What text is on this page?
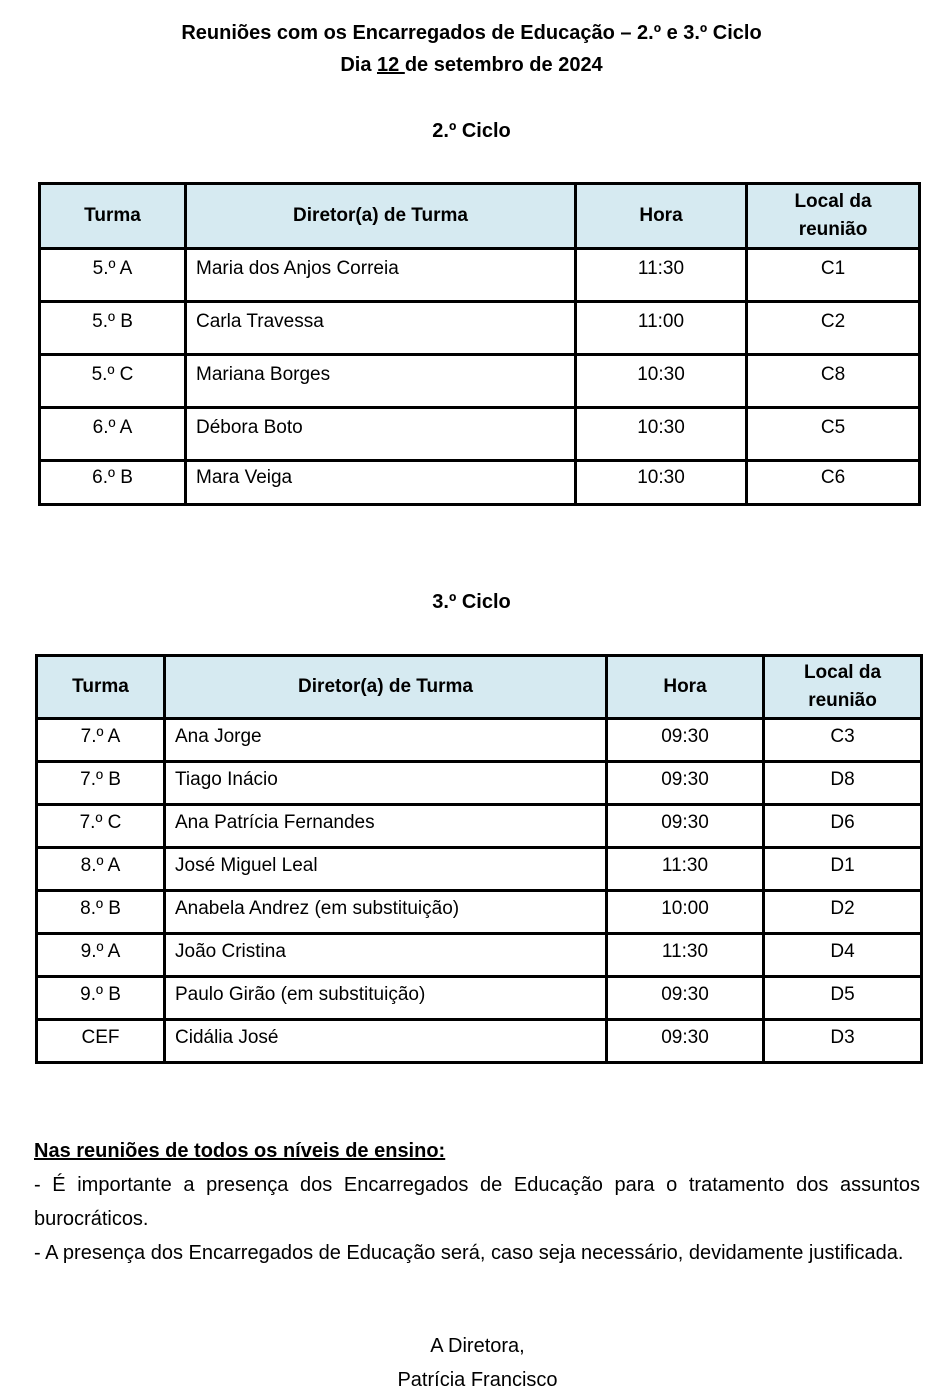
Reuniões com os Encarregados de Educação – 2.º e 3.º Ciclo
Dia 12 de setembro de 2024
2.º Ciclo
Turma	Diretor(a) de Turma	Hora	Local da
reunião
5.º A	Maria dos Anjos Correia	11:30	C1
5.º B	Carla Travessa	11:00	C2
5.º C	Mariana Borges	10:30	C8
6.º A	Débora Boto	10:30	C5
6.º B	Mara Veiga	10:30	C6
3.º Ciclo
Turma	Diretor(a) de Turma	Hora	Local da
reunião
7.º A	Ana Jorge	09:30	C3
7.º B	Tiago Inácio	09:30	D8
7.º C	Ana Patrícia Fernandes	09:30	D6
8.º A	José Miguel Leal	11:30	D1
8.º B	Anabela Andrez (em substituição)	10:00	D2
9.º A	João Cristina	11:30	D4
9.º B	Paulo Girão (em substituição)	09:30	D5
CEF	Cidália José	09:30	D3

Nas reuniões de todos os níveis de ensino:

- É importante a presença dos Encarregados de Educação para o tratamento dos assuntos burocráticos.

- A presença dos Encarregados de Educação será, caso seja necessário, devidamente justificada.

A Diretora,
Patrícia Francisco
